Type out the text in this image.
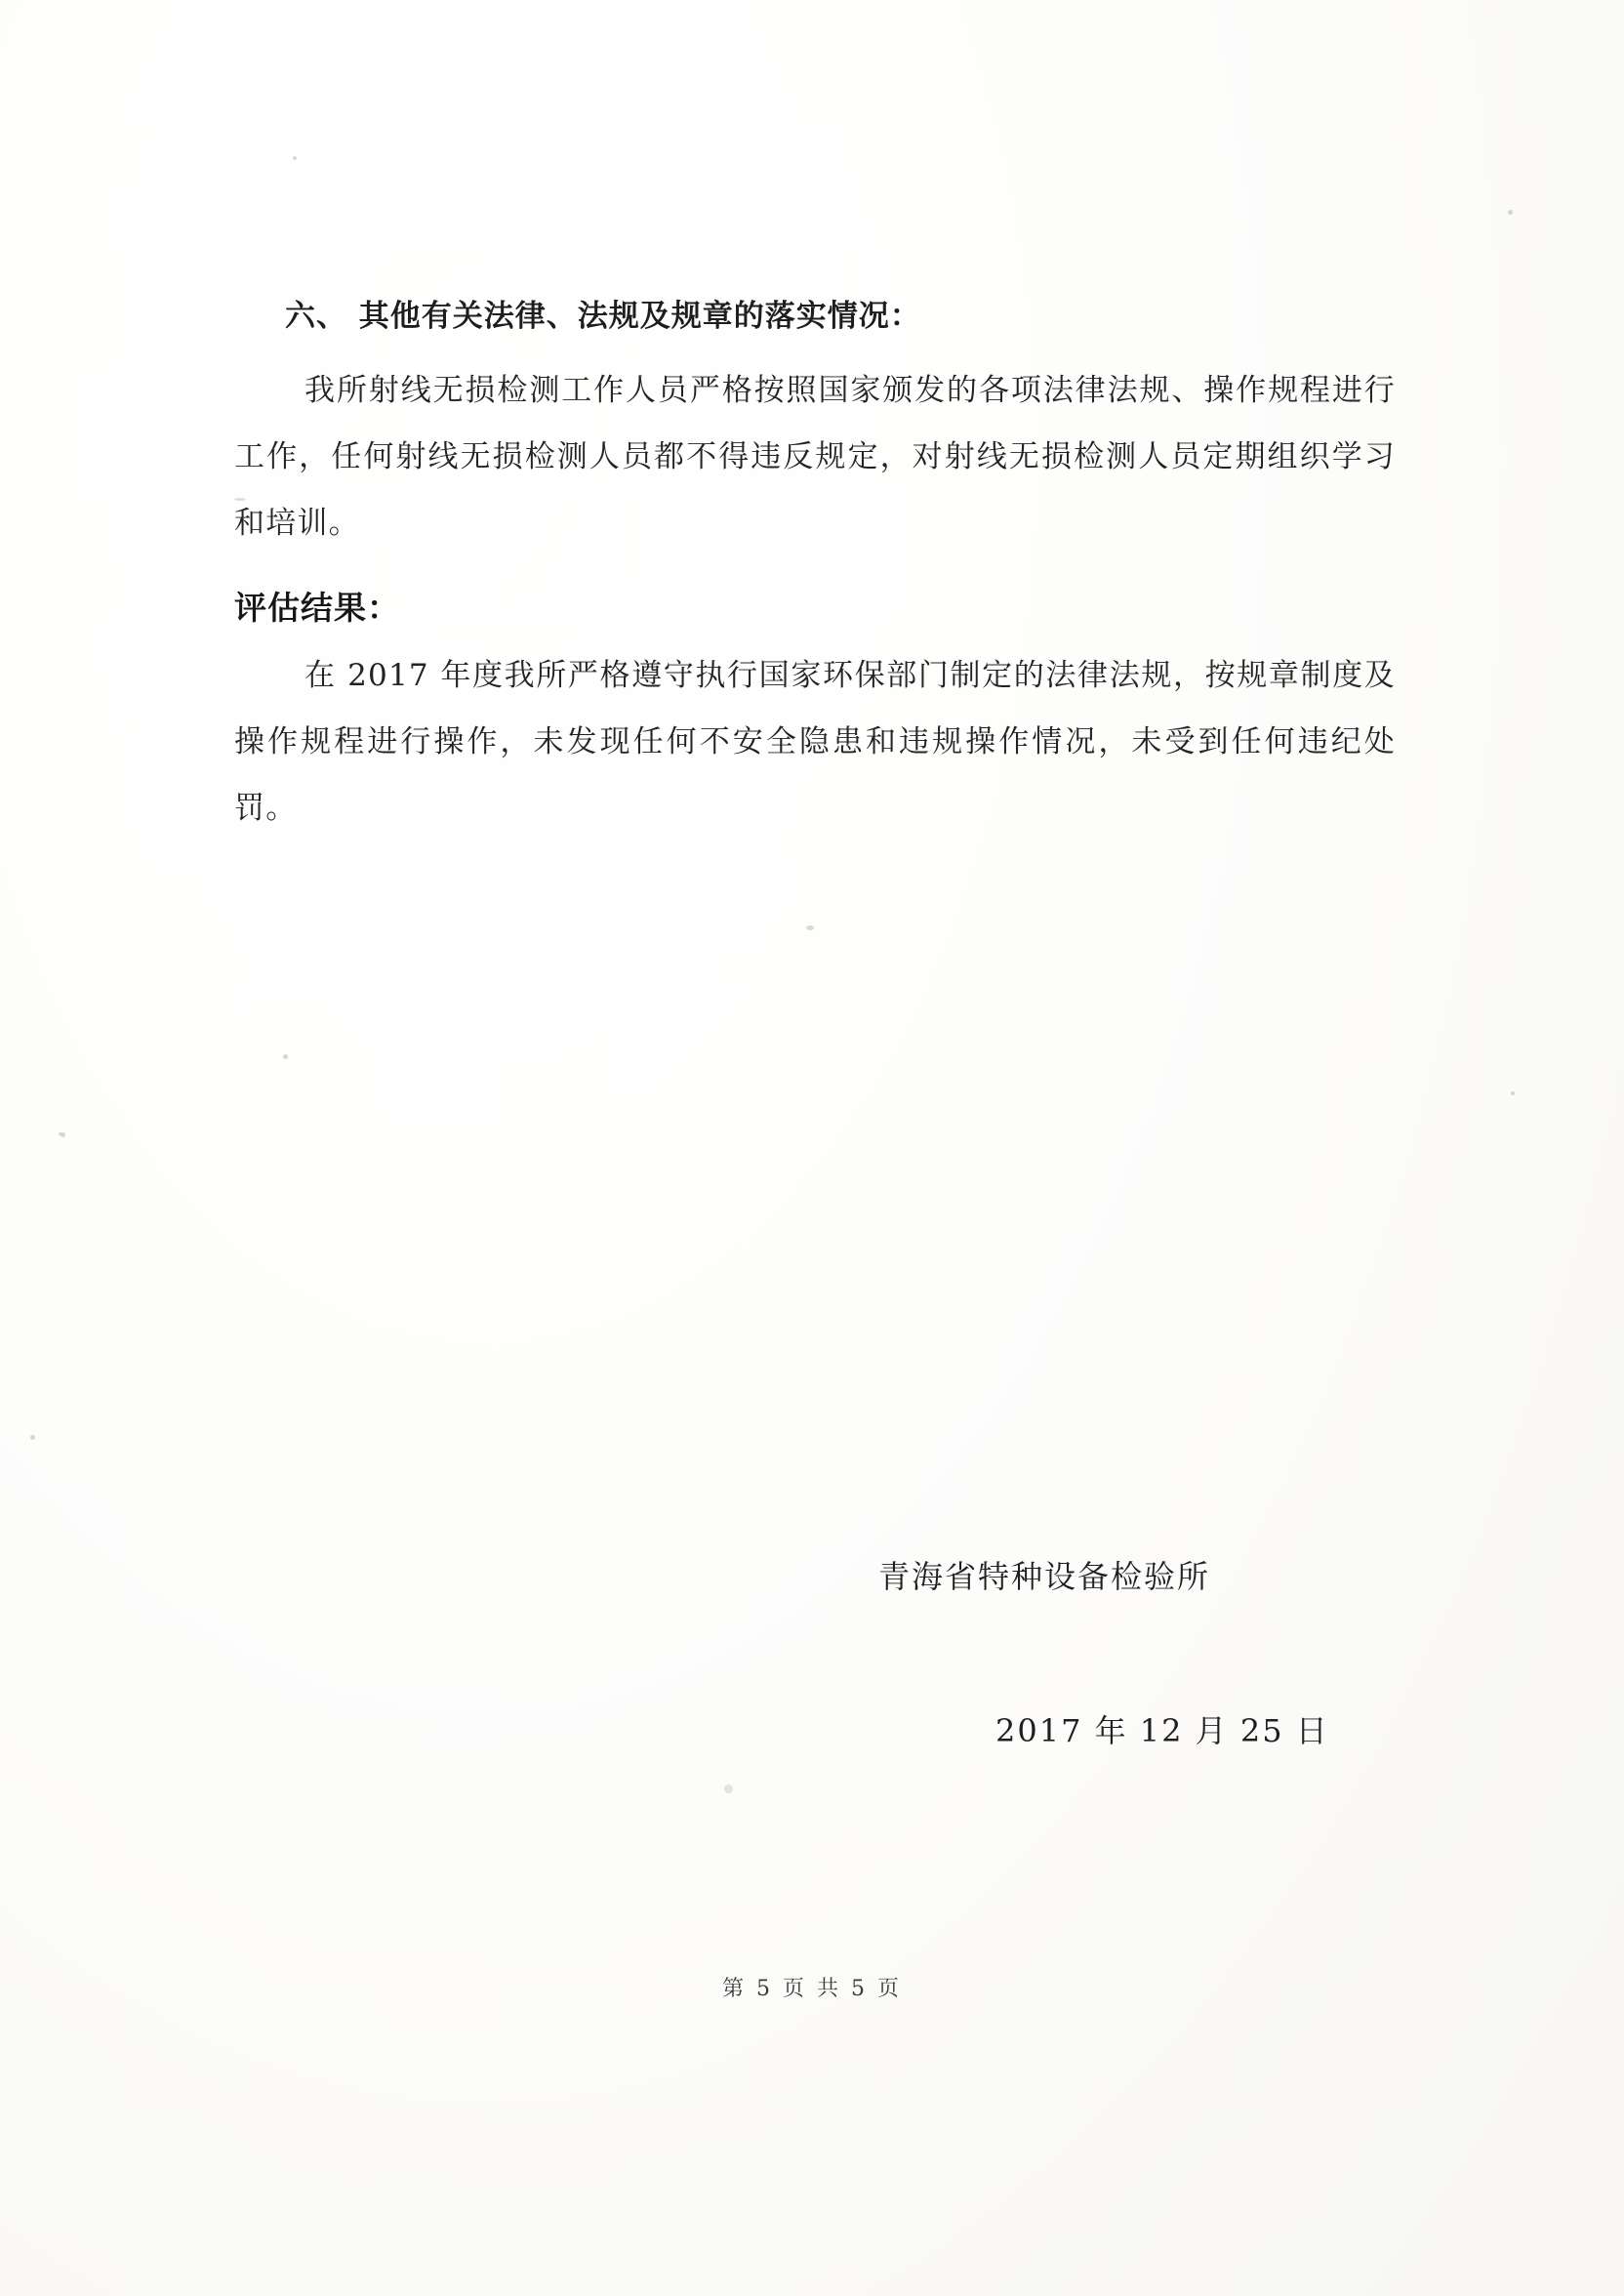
六、 其他有关法律、法规及规章的落实情况：

我所射线无损检测工作人员严格按照国家颁发的各项法律法规、操作规程进行工作，任何射线无损检测人员都不得违反规定，对射线无损检测人员定期组织学习和培训。

评估结果：

在 2017 年度我所严格遵守执行国家环保部门制定的法律法规，按规章制度及操作规程进行操作，未发现任何不安全隐患和违规操作情况，未受到任何违纪处罚。

青海省特种设备检验所
2017 年 12 月 25 日
第 5 页 共 5 页
